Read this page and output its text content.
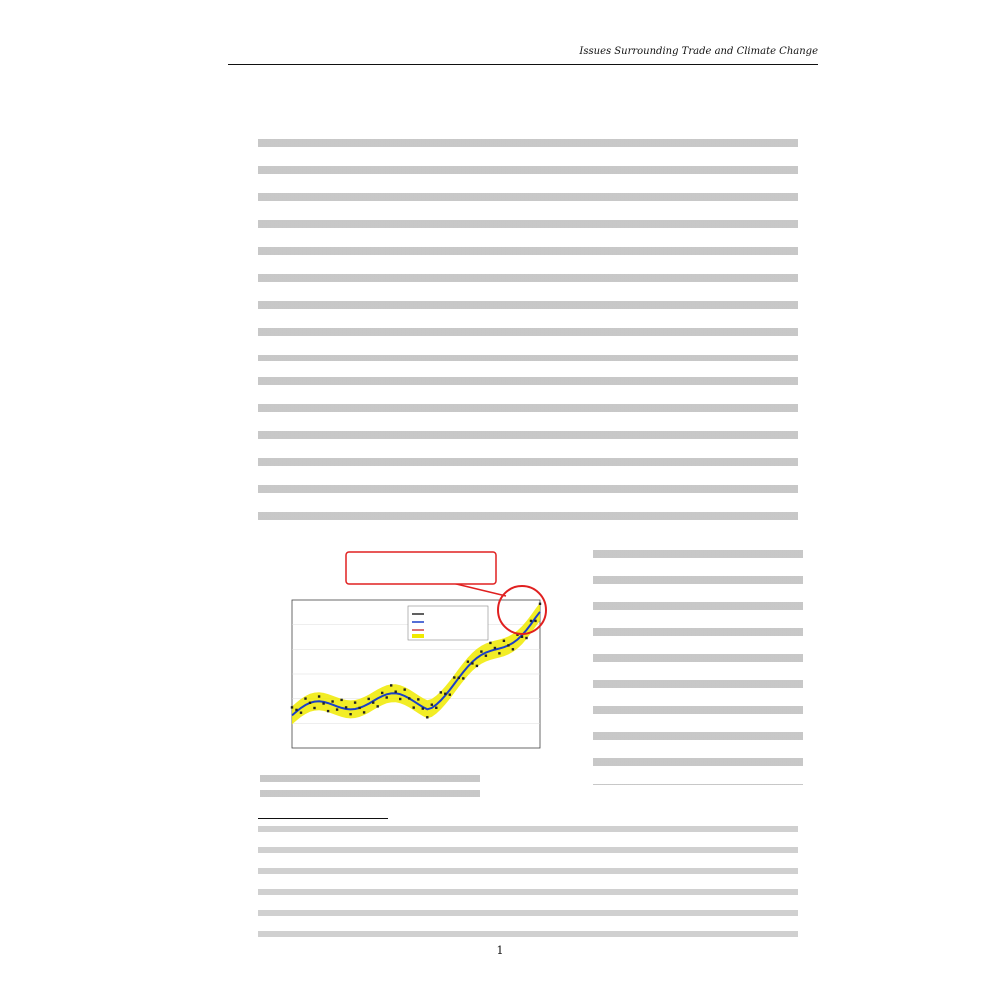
Issues Surrounding Trade and Climate Change
1
